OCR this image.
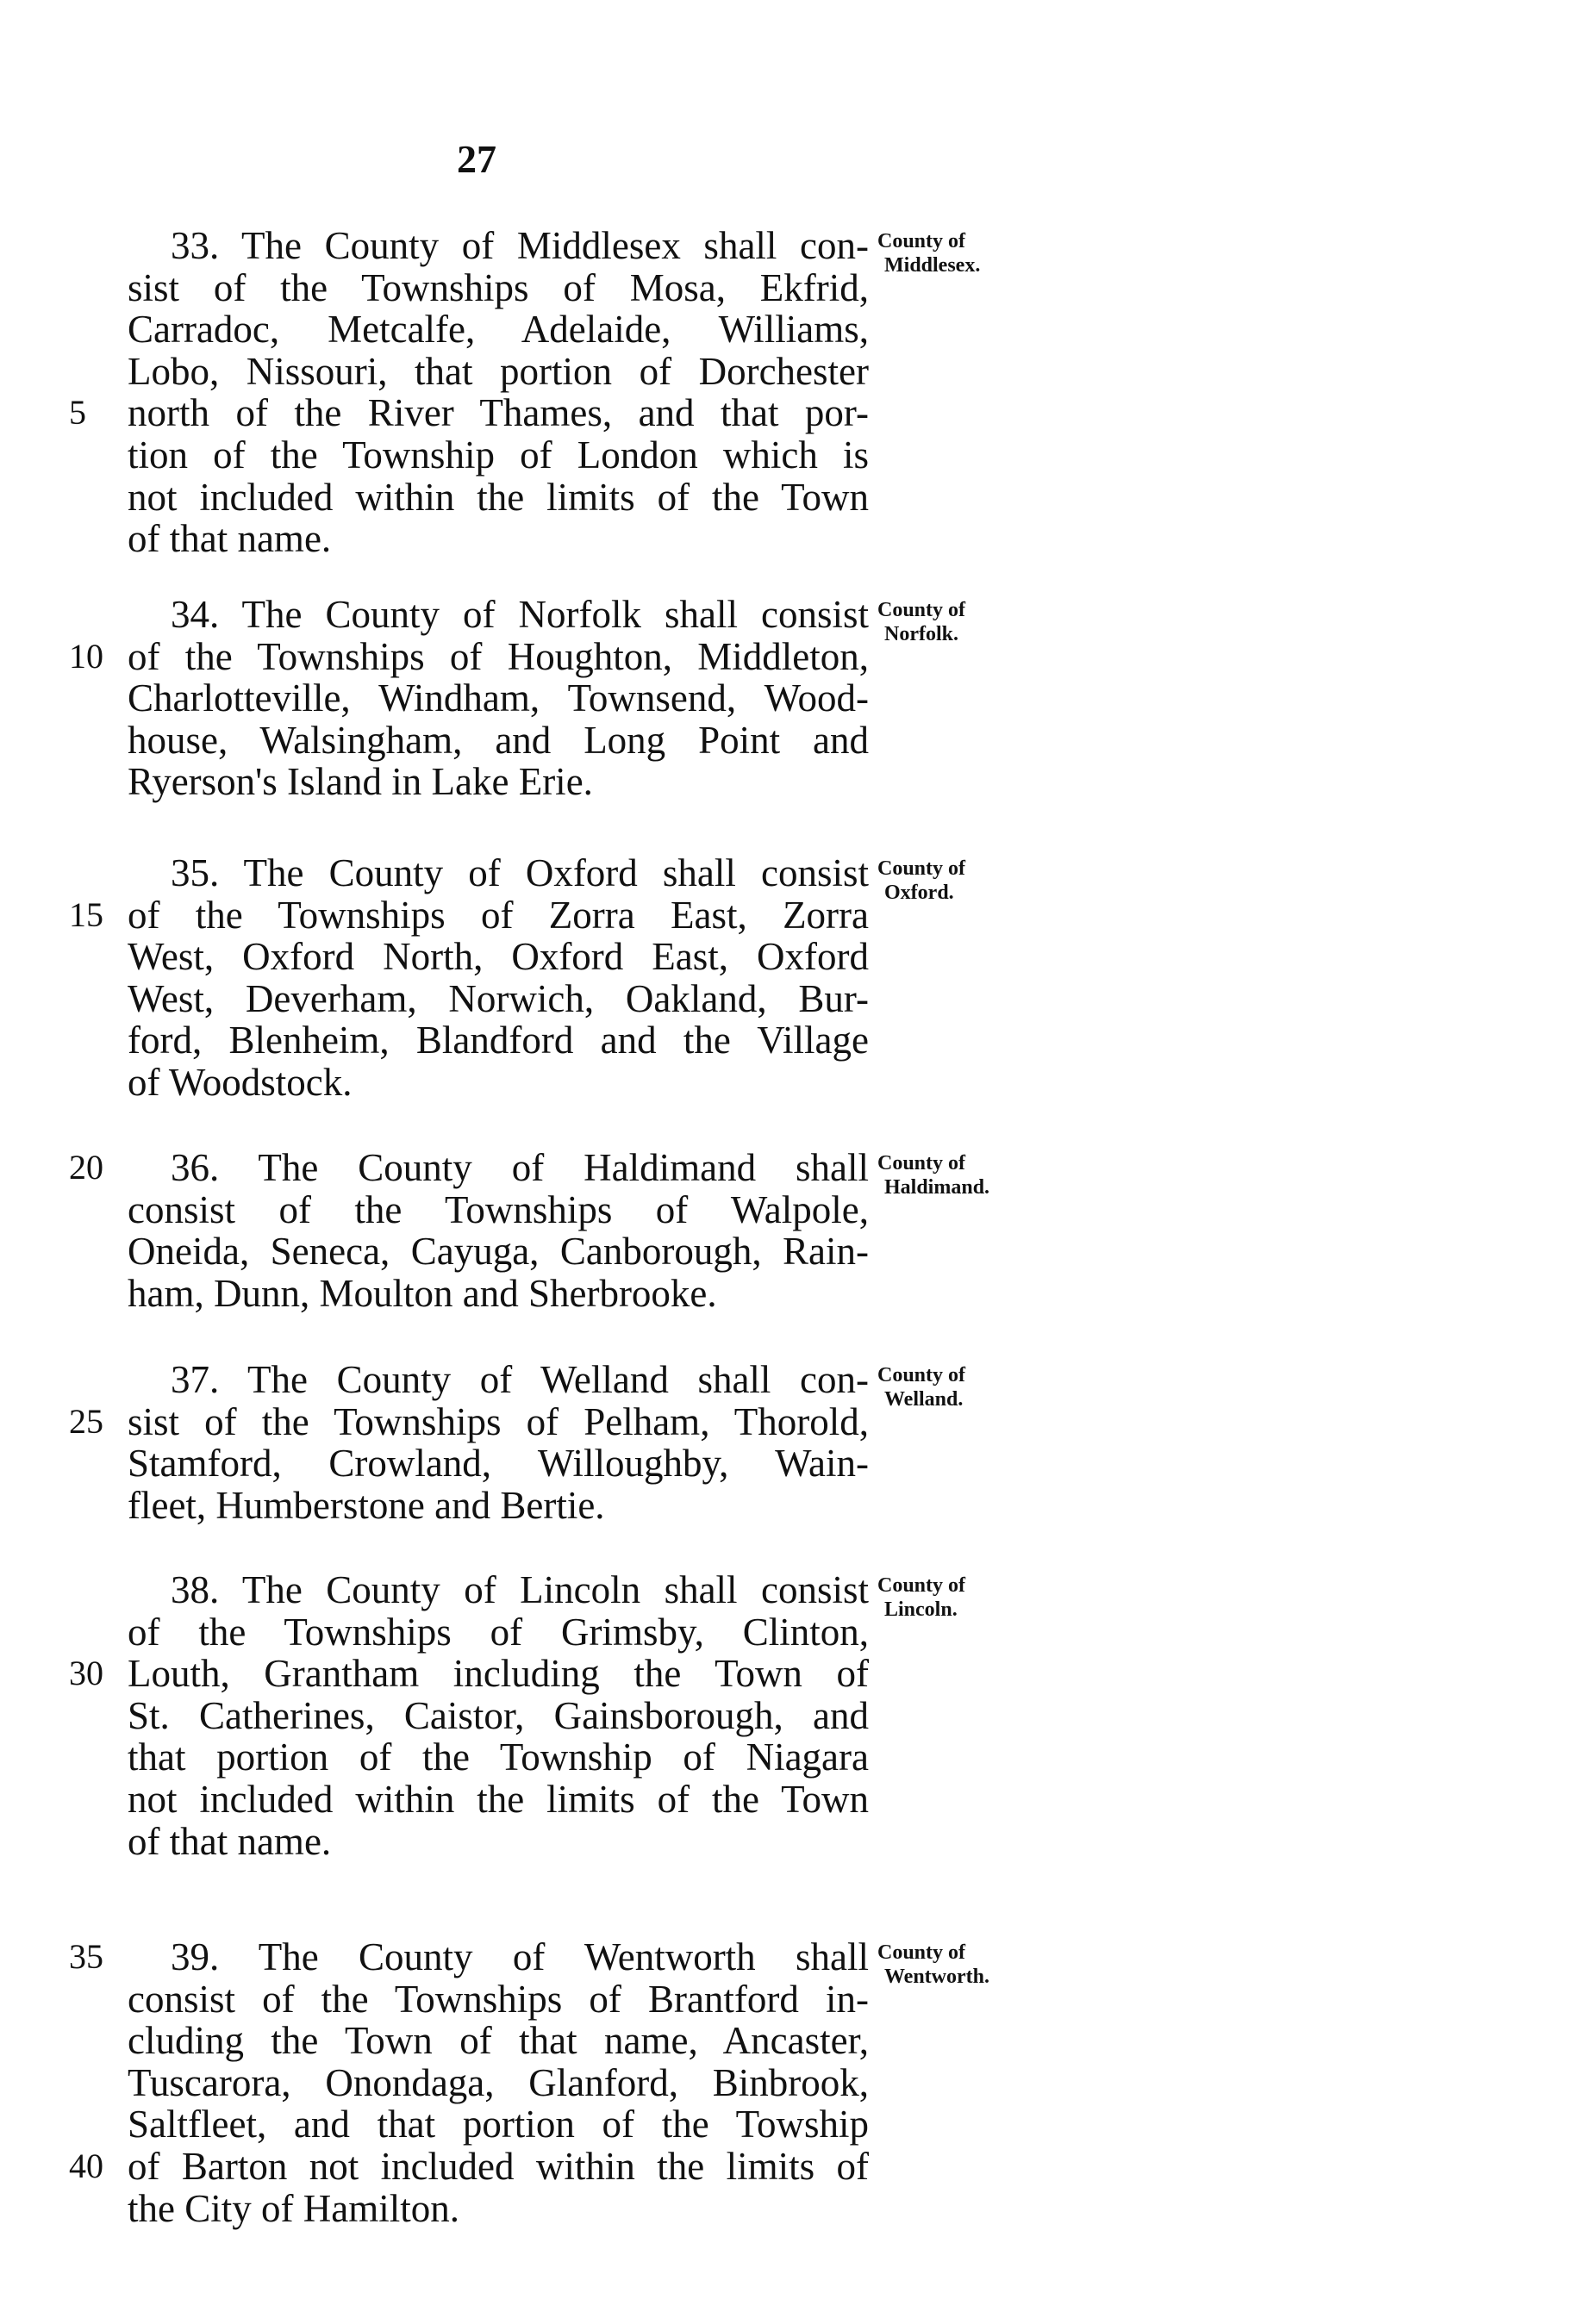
27
33. The County of Middlesex shall con-
sist of the Townships of Mosa, Ekfrid,
Carradoc, Metcalfe, Adelaide, Williams,
Lobo, Nissouri, that portion of Dorchester
5	north of the River Thames, and that por-
tion of the Township of London which is
not included within the limits of the Town
of that name.
County of
Middlesex.
34. The County of Norfolk shall consist
10 of the Townships of Houghton, Middleton,
Charlotteville, Windham, Townsend, Wood-
house, Walsingham, and Long Point and
Ryerson's Island in Lake Erie.
County of
Norfolk.
35. The County of Oxford shall consist
15 of the Townships of Zorra East, Zorra
West, Oxford North, Oxford East, Oxford
West, Deverham, Norwich, Oakland, Bur-
ford, Blenheim, Blandford and the Village
of Woodstock.
County of
Oxford.
20	36. The County of Haldimand shall
consist of the Townships of Walpole,
Oneida, Seneca, Cayuga, Canborough, Rain-
ham, Dunn, Moulton and Sherbrooke.
County of
Haldimand.
37. The County of Welland shall con-
25 sist of the Townships of Pelham, Thorold,
Stamford, Crowland, Willoughby, Wain-
fleet, Humberstone and Bertie.
County of
Welland.
38. The County of Lincoln shall consist
of the Townships of Grimsby, Clinton,
30 Louth, Grantham including the Town of
St. Catherines, Caistor, Gainsborough, and
that portion of the Township of Niagara
not included within the limits of the Town
of that name.
County of
Lincoln.
35	39. The County of Wentworth shall
consist of the Townships of Brantford in-
cluding the Town of that name, Ancaster,
Tuscarora, Onondaga, Glanford, Binbrook,
Saltfleet, and that portion of the Towship
40 of Barton not included within the limits of
the City of Hamilton.
County of
Wentworth.
